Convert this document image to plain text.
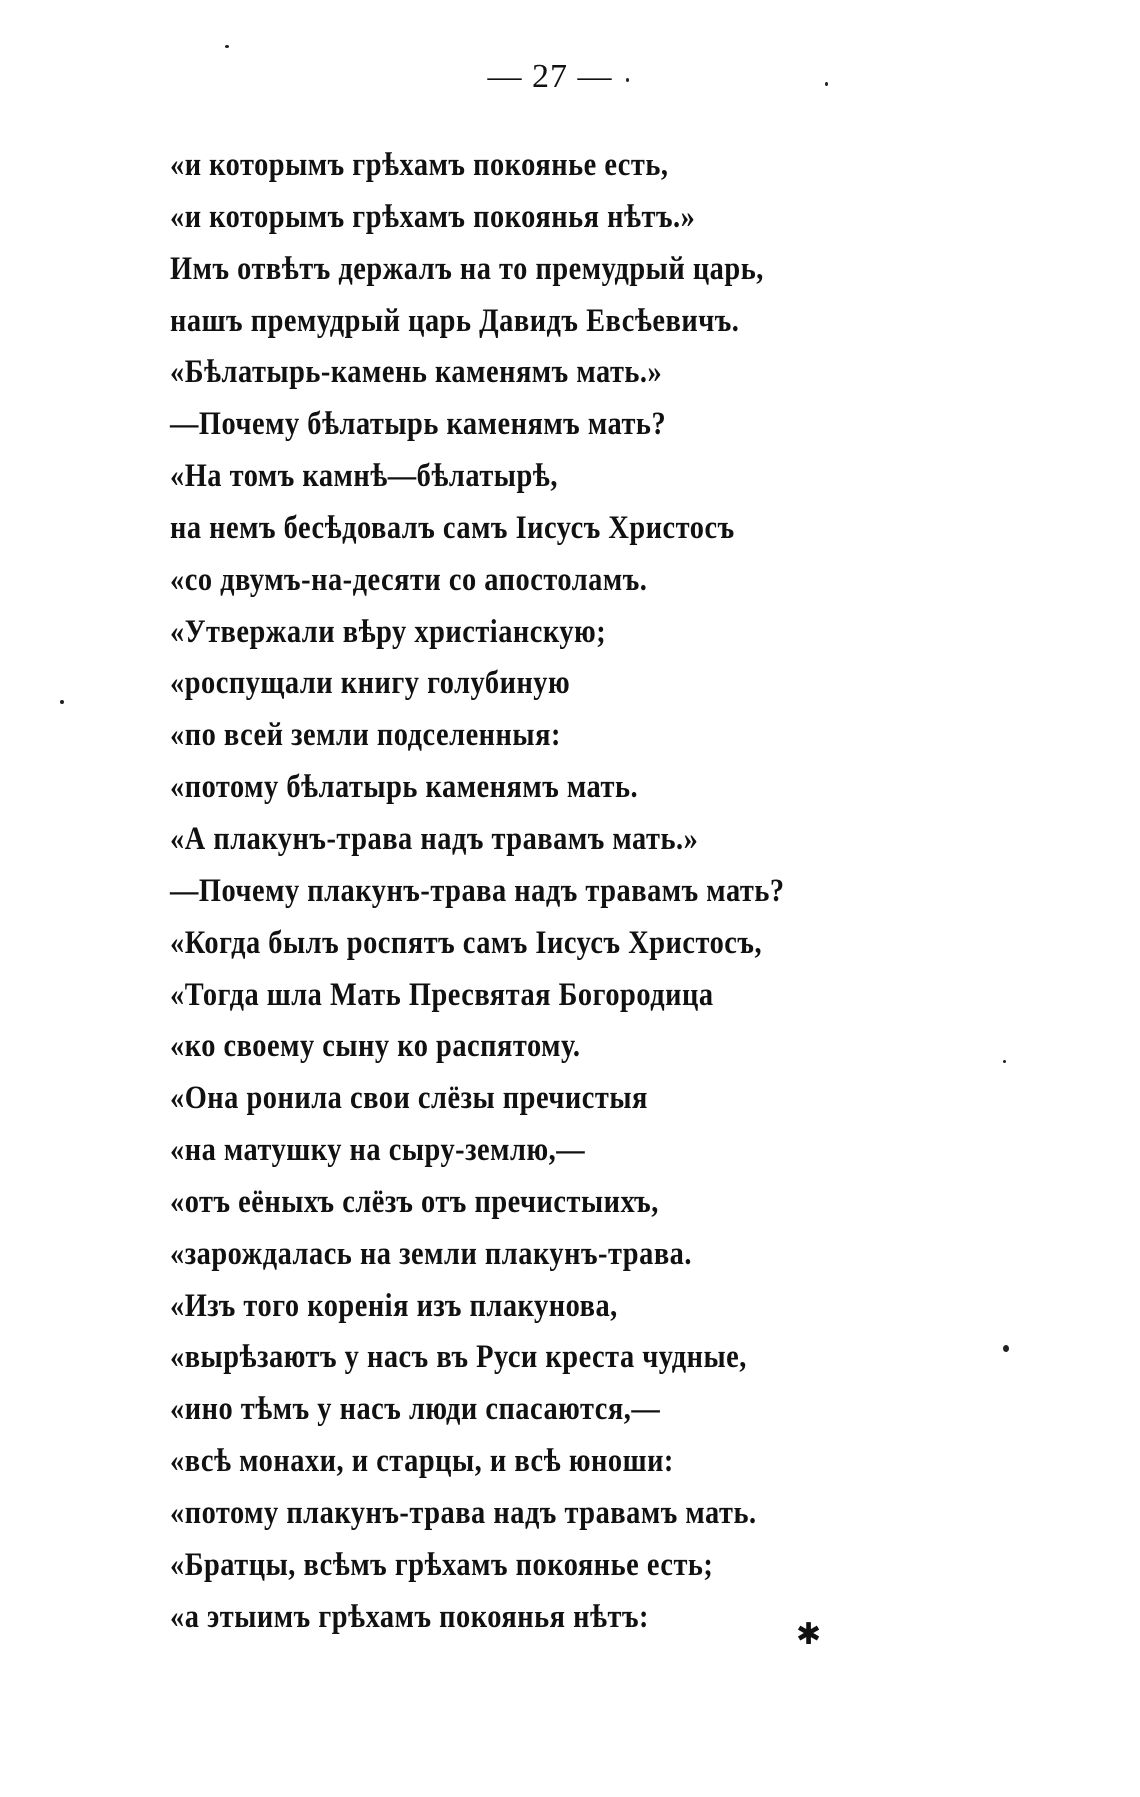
— 27 —
«и которымъ грѣхамъ покоянье есть,
«и которымъ грѣхамъ покоянья нѣтъ.»
Имъ отвѣтъ держалъ на то премудрый царь,
нашъ премудрый царь Давидъ Евсѣевичъ.
«Бѣлатырь-камень каменямъ мать.»
—Почему бѣлатырь каменямъ мать?
«На томъ камнѣ—бѣлатырѣ,
на немъ бесѣдовалъ самъ Іисусъ Христосъ
«со двумъ-на-десяти со апостоламъ.
«Утвержали вѣру христіанскую;
«роспущали книгу голубиную
«по всей земли подселенныя:
«потому бѣлатырь каменямъ мать.
«А плакунъ-трава надъ травамъ мать.»
—Почему плакунъ-трава надъ травамъ мать?
«Когда былъ роспятъ самъ Іисусъ Христосъ,
«Тогда шла Мать Пресвятая Богородица
«ко своему сыну ко распятому.
«Она ронила свои слёзы пречистыя
«на матушку на сыру-землю,—
«отъ еёныхъ слёзъ отъ пречистыихъ,
«зарождалась на земли плакунъ-трава.
«Изъ того коренія изъ плакунова,
«вырѣзаютъ у насъ въ Руси креста чудные,
«ино тѣмъ у насъ люди спасаются,—
«всѣ монахи, и старцы, и всѣ юноши:
«потому плакунъ-трава надъ травамъ мать.
«Братцы, всѣмъ грѣхамъ покоянье есть;
«а этыимъ грѣхамъ покоянья нѣтъ:	✱
